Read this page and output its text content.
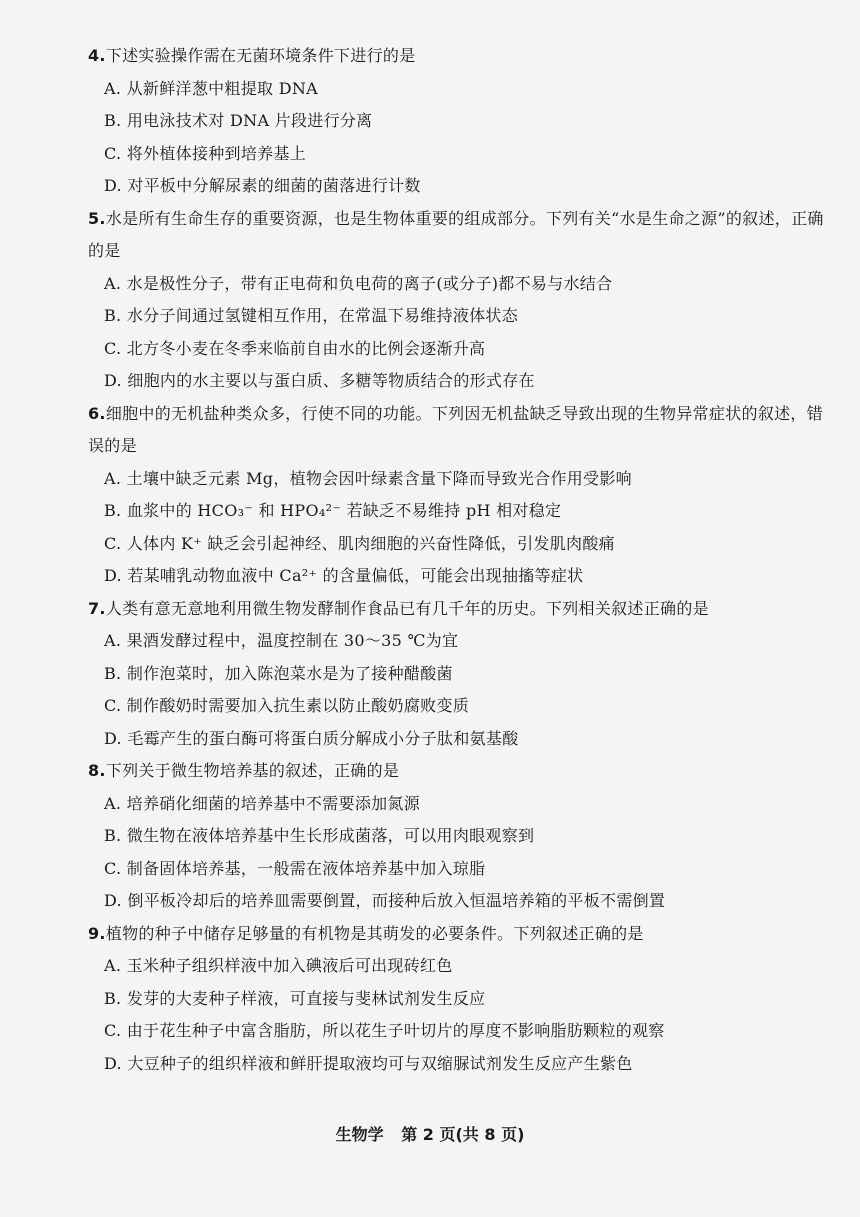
4.下述实验操作需在无菌环境条件下进行的是
A. 从新鲜洋葱中粗提取 DNA
B. 用电泳技术对 DNA 片段进行分离
C. 将外植体接种到培养基上
D. 对平板中分解尿素的细菌的菌落进行计数
5.水是所有生命生存的重要资源，也是生物体重要的组成部分。下列有关“水是生命之源”的叙述，正确的是
A. 水是极性分子，带有正电荷和负电荷的离子(或分子)都不易与水结合
B. 水分子间通过氢键相互作用，在常温下易维持液体状态
C. 北方冬小麦在冬季来临前自由水的比例会逐渐升高
D. 细胞内的水主要以与蛋白质、多糖等物质结合的形式存在
6.细胞中的无机盐种类众多，行使不同的功能。下列因无机盐缺乏导致出现的生物异常症状的叙述，错误的是
A. 土壤中缺乏元素 Mg，植物会因叶绿素含量下降而导致光合作用受影响
B. 血浆中的 HCO₃⁻ 和 HPO₄²⁻ 若缺乏不易维持 pH 相对稳定
C. 人体内 K⁺ 缺乏会引起神经、肌肉细胞的兴奋性降低，引发肌肉酸痛
D. 若某哺乳动物血液中 Ca²⁺ 的含量偏低，可能会出现抽搐等症状
7.人类有意无意地利用微生物发酵制作食品已有几千年的历史。下列相关叙述正确的是
A. 果酒发酵过程中，温度控制在 30～35 ℃为宜
B. 制作泡菜时，加入陈泡菜水是为了接种醋酸菌
C. 制作酸奶时需要加入抗生素以防止酸奶腐败变质
D. 毛霉产生的蛋白酶可将蛋白质分解成小分子肽和氨基酸
8.下列关于微生物培养基的叙述，正确的是
A. 培养硝化细菌的培养基中不需要添加氮源
B. 微生物在液体培养基中生长形成菌落，可以用肉眼观察到
C. 制备固体培养基，一般需在液体培养基中加入琼脂
D. 倒平板冷却后的培养皿需要倒置，而接种后放入恒温培养箱的平板不需倒置
9.植物的种子中储存足够量的有机物是其萌发的必要条件。下列叙述正确的是
A. 玉米种子组织样液中加入碘液后可出现砖红色
B. 发芽的大麦种子样液，可直接与斐林试剂发生反应
C. 由于花生种子中富含脂肪，所以花生子叶切片的厚度不影响脂肪颗粒的观察
D. 大豆种子的组织样液和鲜肝提取液均可与双缩脲试剂发生反应产生紫色
生物学 第 2 页(共 8 页)
